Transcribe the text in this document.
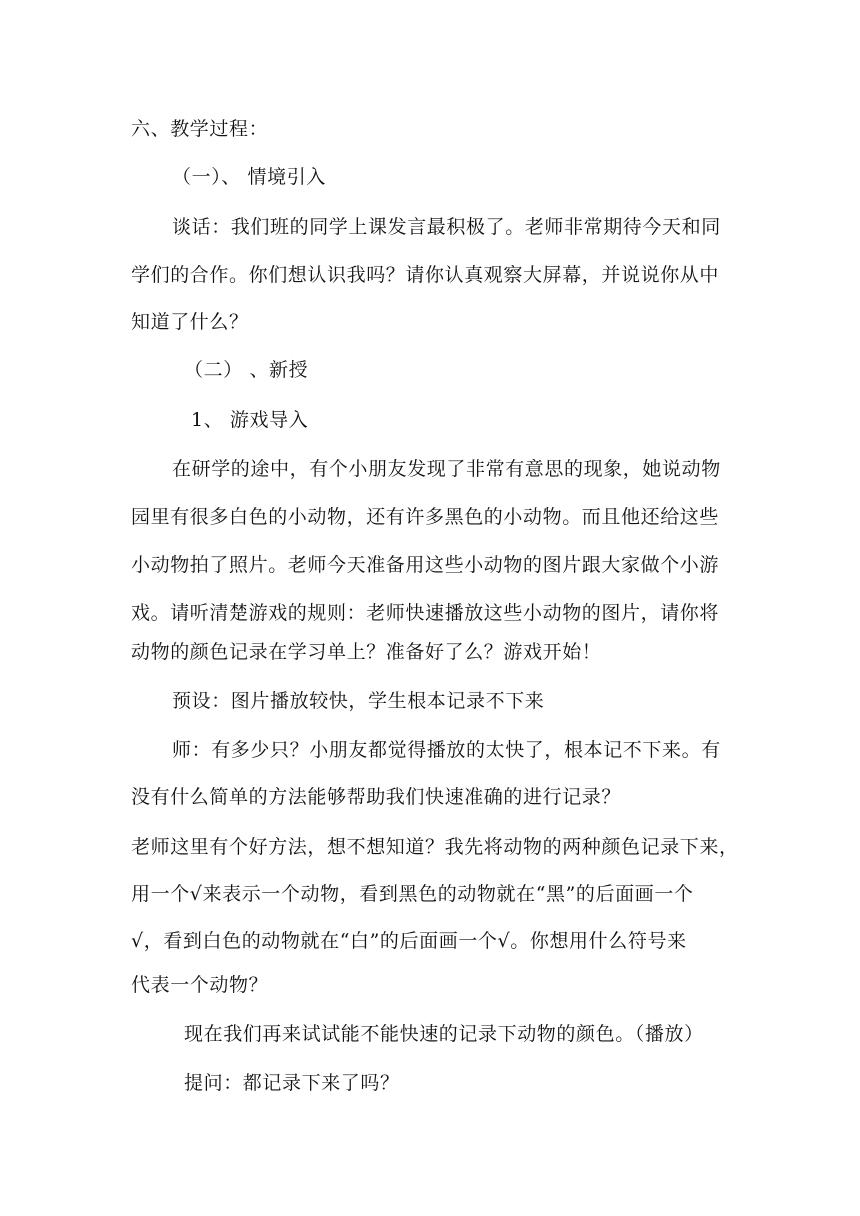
六、教学过程：
（一）、 情境引入
谈话：我们班的同学上课发言最积极了。老师非常期待今天和同
学们的合作。你们想认识我吗？请你认真观察大屏幕，并说说你从中
知道了什么？
（二） 、新授
1、 游戏导入
在研学的途中，有个小朋友发现了非常有意思的现象，她说动物
园里有很多白色的小动物，还有许多黑色的小动物。而且他还给这些
小动物拍了照片。老师今天准备用这些小动物的图片跟大家做个小游
戏。请听清楚游戏的规则：老师快速播放这些小动物的图片，请你将
动物的颜色记录在学习单上？准备好了么？游戏开始！
预设：图片播放较快，学生根本记录不下来
师：有多少只？小朋友都觉得播放的太快了，根本记不下来。有
没有什么简单的方法能够帮助我们快速准确的进行记录？
老师这里有个好方法，想不想知道？我先将动物的两种颜色记录下来，
用一个√来表示一个动物，看到黑色的动物就在“黑”的后面画一个
√，看到白色的动物就在“白”的后面画一个√。你想用什么符号来
代表一个动物？
现在我们再来试试能不能快速的记录下动物的颜色。（播放）
提问：都记录下来了吗？
